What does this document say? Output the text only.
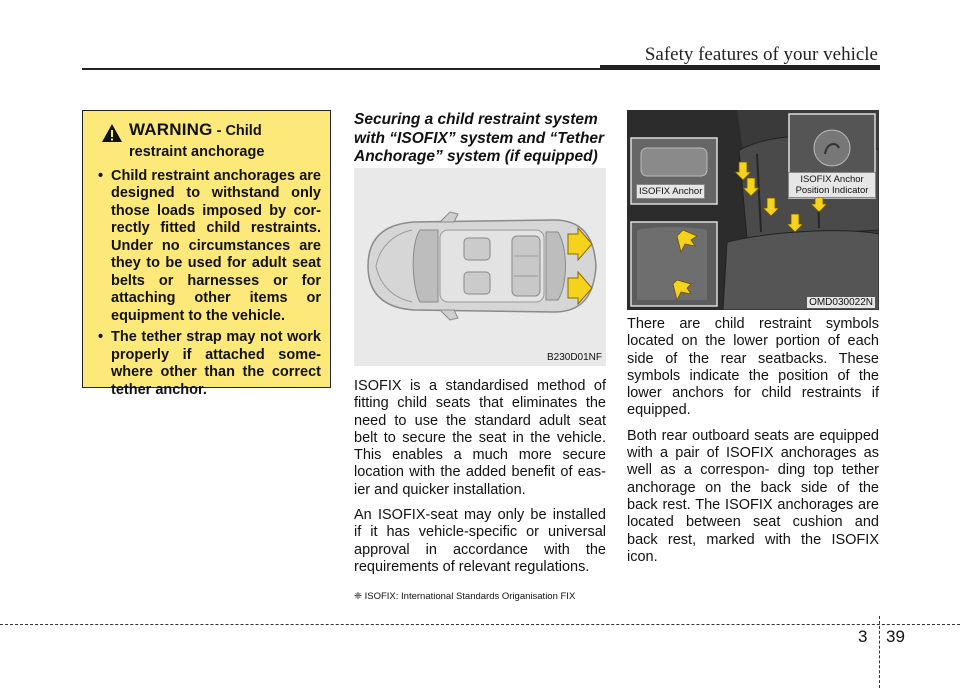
Safety features of your vehicle
WARNING - Child
restraint anchorage
• Child restraint anchorages are designed to withstand only those loads imposed by cor- rectly fitted child restraints. Under no circumstances are they to be used for adult seat belts or harnesses or for attaching other items or equipment to the vehicle.
• The tether strap may not work properly if attached some- where other than the correct tether anchor.
Securing a child restraint system with “ISOFIX” system and “Tether Anchorage” system (if equipped)
B230D01NF

ISOFIX is a standardised method of fitting child seats that eliminates the need to use the standard adult seat belt to secure the seat in the vehicle. This enables a much more secure location with the added benefit of eas- ier and quicker installation.

An ISOFIX-seat may only be installed if it has vehicle-specific or universal approval in accordance with the requirements of relevant regulations.

❈ ISOFIX: International Standards Origanisation FIX
ISOFIX Anchor
ISOFIX Anchor
Position Indicator
OMD030022N

There are child restraint symbols located on the lower portion of each side of the rear seatbacks. These symbols indicate the position of the lower anchors for child restraints if equipped.

Both rear outboard seats are equipped with a pair of ISOFIX anchorages as well as a correspon- ding top tether anchorage on the back side of the back rest. The ISOFIX anchorages are located between seat cushion and back rest, marked with the ISOFIX icon.

3 39
